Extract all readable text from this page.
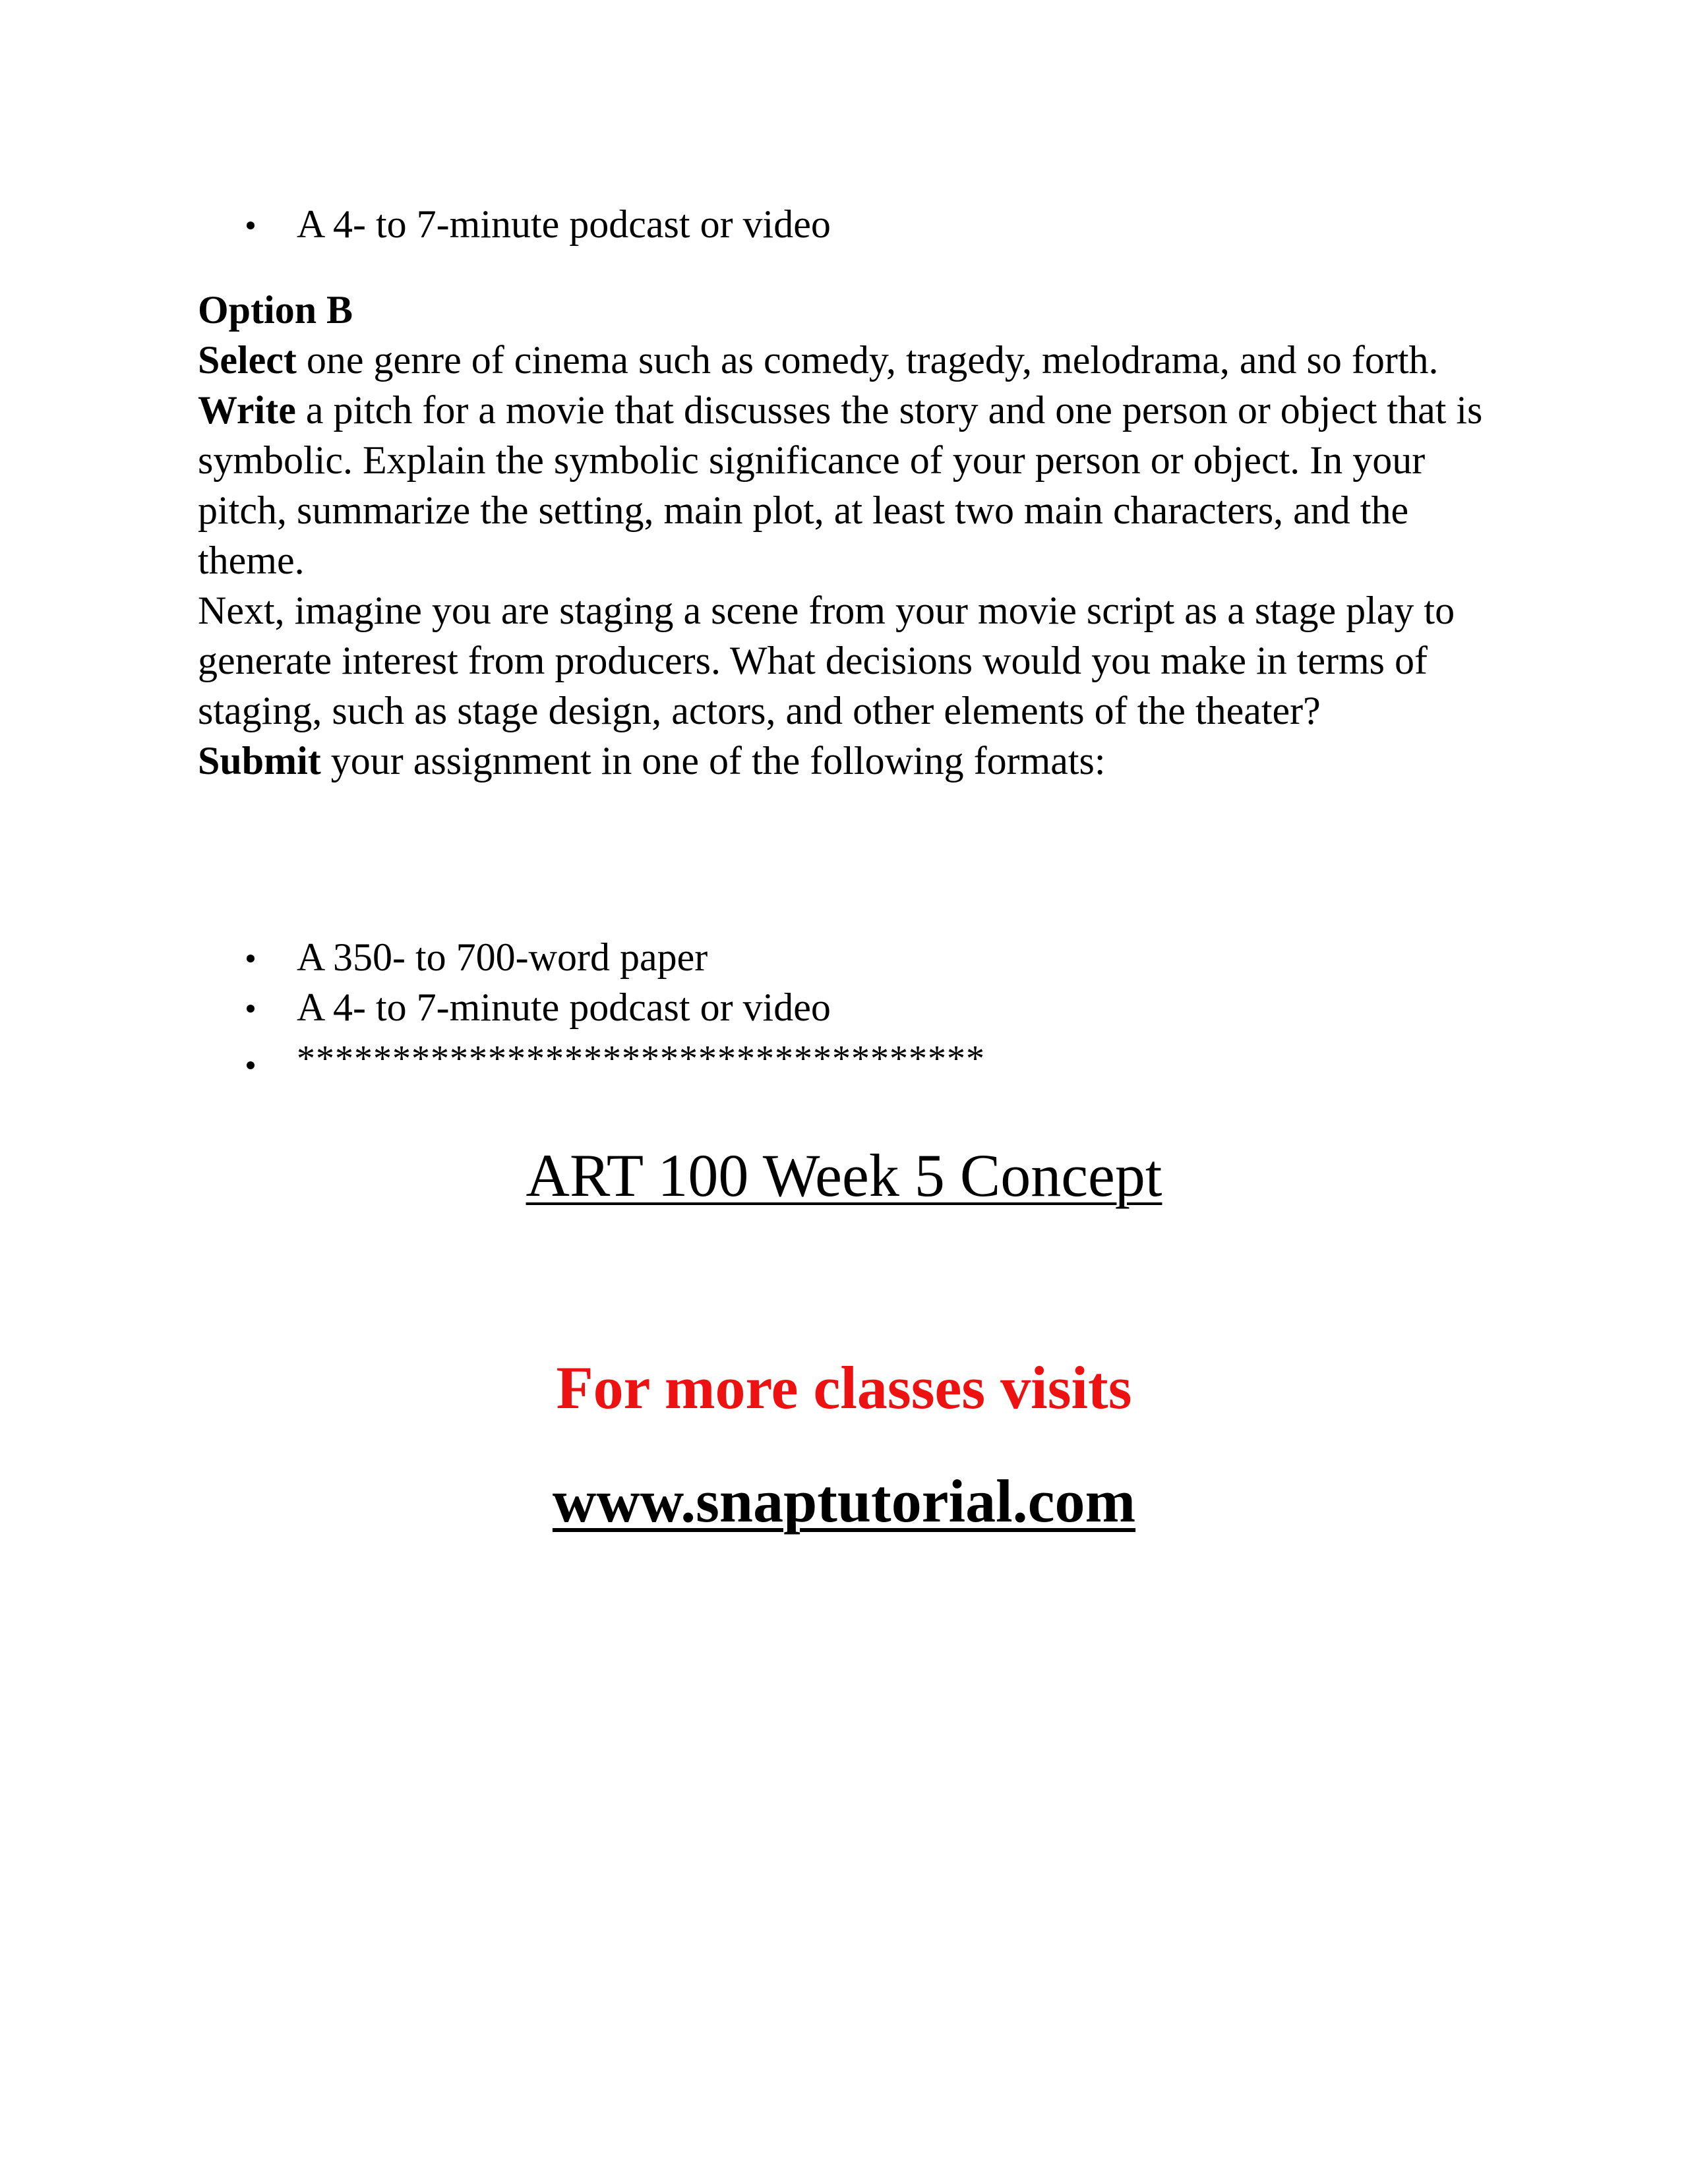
A 4- to 7-minute podcast or video

Option B

Select one genre of cinema such as comedy, tragedy, melodrama, and so forth.

Write a pitch for a movie that discusses the story and one person or object that is symbolic. Explain the symbolic significance of your person or object. In your pitch, summarize the setting, main plot, at least two main characters, and the theme.

Next, imagine you are staging a scene from your movie script as a stage play to generate interest from producers. What decisions would you make in terms of staging, such as stage design, actors, and other elements of the theater?

Submit your assignment in one of the following formats:

A 350- to 700-word paper
A 4- to 7-minute podcast or video
************************************
ART 100 Week 5 Concept
For more classes visits
www.snaptutorial.com
